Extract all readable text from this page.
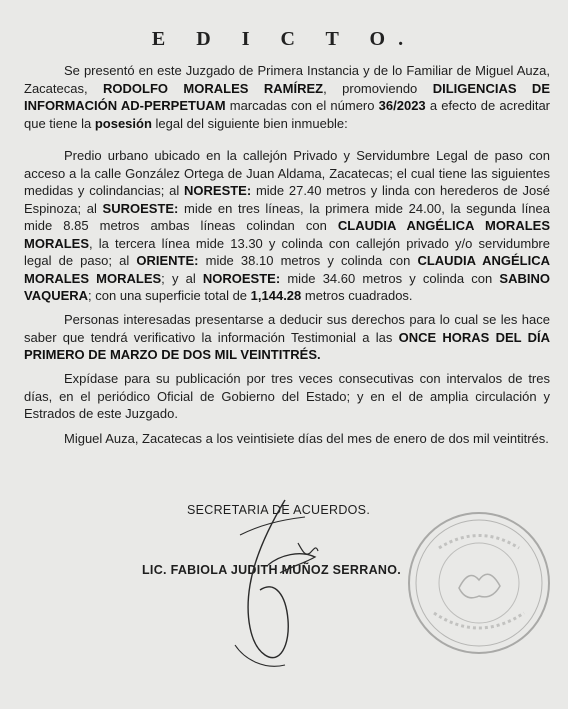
E D I C T O.

Se presentó en este Juzgado de Primera Instancia y de lo Familiar de Miguel Auza, Zacatecas, RODOLFO MORALES RAMÍREZ, promoviendo DILIGENCIAS DE INFORMACIÓN AD-PERPETUAM marcadas con el número 36/2023 a efecto de acreditar que tiene la posesión legal del siguiente bien inmueble:

Predio urbano ubicado en la callejón Privado y Servidumbre Legal de paso con acceso a la calle González Ortega de Juan Aldama, Zacatecas; el cual tiene las siguientes medidas y colindancias; al NORESTE: mide 27.40 metros y linda con herederos de José Espinoza; al SUROESTE: mide en tres líneas, la primera mide 24.00, la segunda línea mide 8.85 metros ambas líneas colindan con CLAUDIA ANGÉLICA MORALES MORALES, la tercera línea mide 13.30 y colinda con callejón privado y/o servidumbre legal de paso; al ORIENTE: mide 38.10 metros y colinda con CLAUDIA ANGÉLICA MORALES MORALES; y al NOROESTE: mide 34.60 metros y colinda con SABINO VAQUERA; con una superficie total de 1,144.28 metros cuadrados.

Personas interesadas presentarse a deducir sus derechos para lo cual se les hace saber que tendrá verificativo la información Testimonial a las ONCE HORAS DEL DÍA PRIMERO DE MARZO DE DOS MIL VEINTITRÉS.

Expídase para su publicación por tres veces consecutivas con intervalos de tres días, en el periódico Oficial de Gobierno del Estado; y en el de amplia circulación y Estrados de este Juzgado.

Miguel Auza, Zacatecas a los veintisiete días del mes de enero de dos mil veintitrés.

SECRETARIA DE ACUERDOS.
LIC. FABIOLA JUDITH MUÑOZ SERRANO.
